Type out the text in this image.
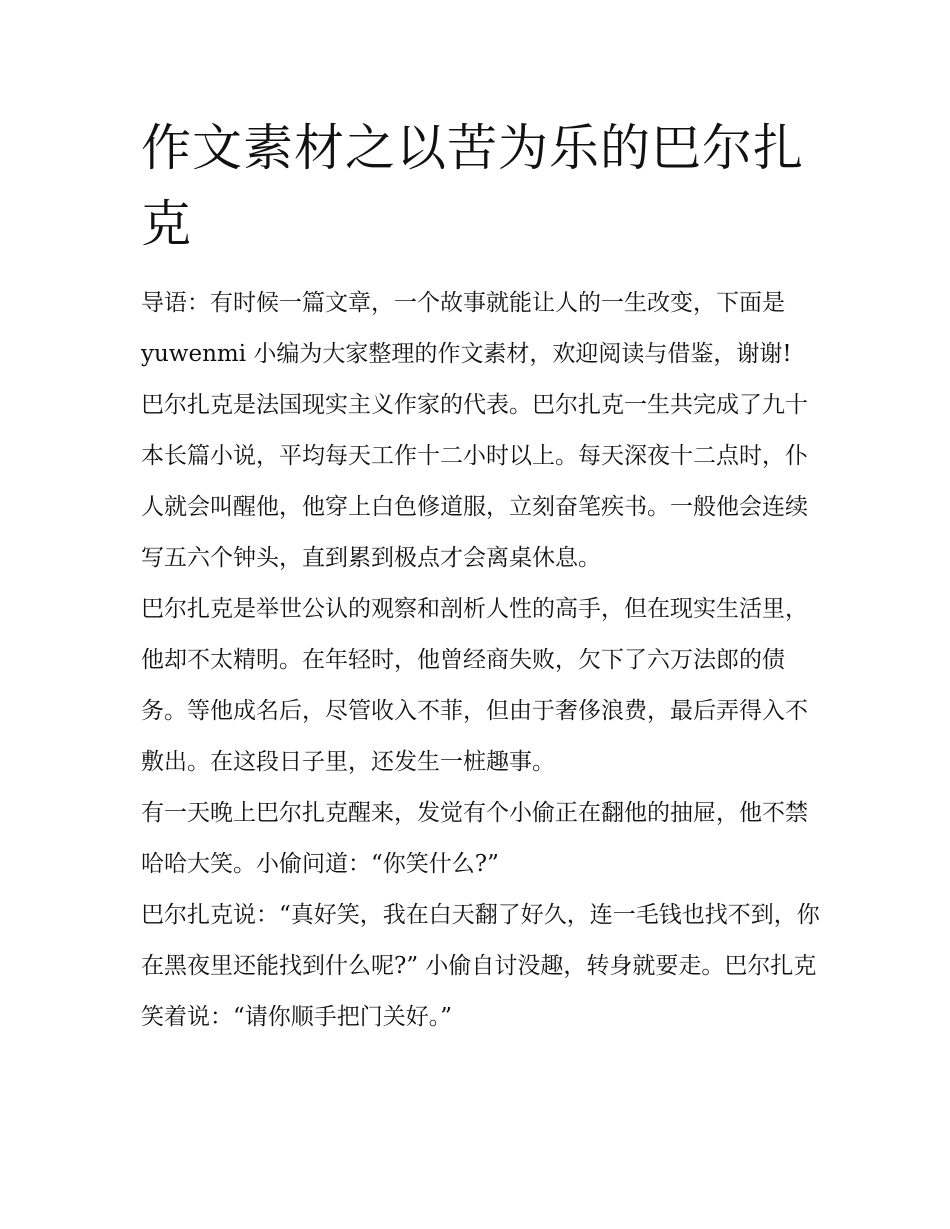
作文素材之以苦为乐的巴尔扎克

导语：有时候一篇文章，一个故事就能让人的一生改变，下面是 yuwenmi 小编为大家整理的作文素材，欢迎阅读与借鉴，谢谢!

巴尔扎克是法国现实主义作家的代表。巴尔扎克一生共完成了九十本长篇小说，平均每天工作十二小时以上。每天深夜十二点时，仆人就会叫醒他，他穿上白色修道服，立刻奋笔疾书。一般他会连续写五六个钟头，直到累到极点才会离桌休息。

巴尔扎克是举世公认的观察和剖析人性的高手，但在现实生活里，他却不太精明。在年轻时，他曾经商失败，欠下了六万法郎的债务。等他成名后，尽管收入不菲，但由于奢侈浪费，最后弄得入不敷出。在这段日子里，还发生一桩趣事。

有一天晚上巴尔扎克醒来，发觉有个小偷正在翻他的抽屉，他不禁哈哈大笑。小偷问道：“你笑什么?”

巴尔扎克说：“真好笑，我在白天翻了好久，连一毛钱也找不到，你在黑夜里还能找到什么呢?” 小偷自讨没趣，转身就要走。巴尔扎克笑着说：“请你顺手把门关好。”
